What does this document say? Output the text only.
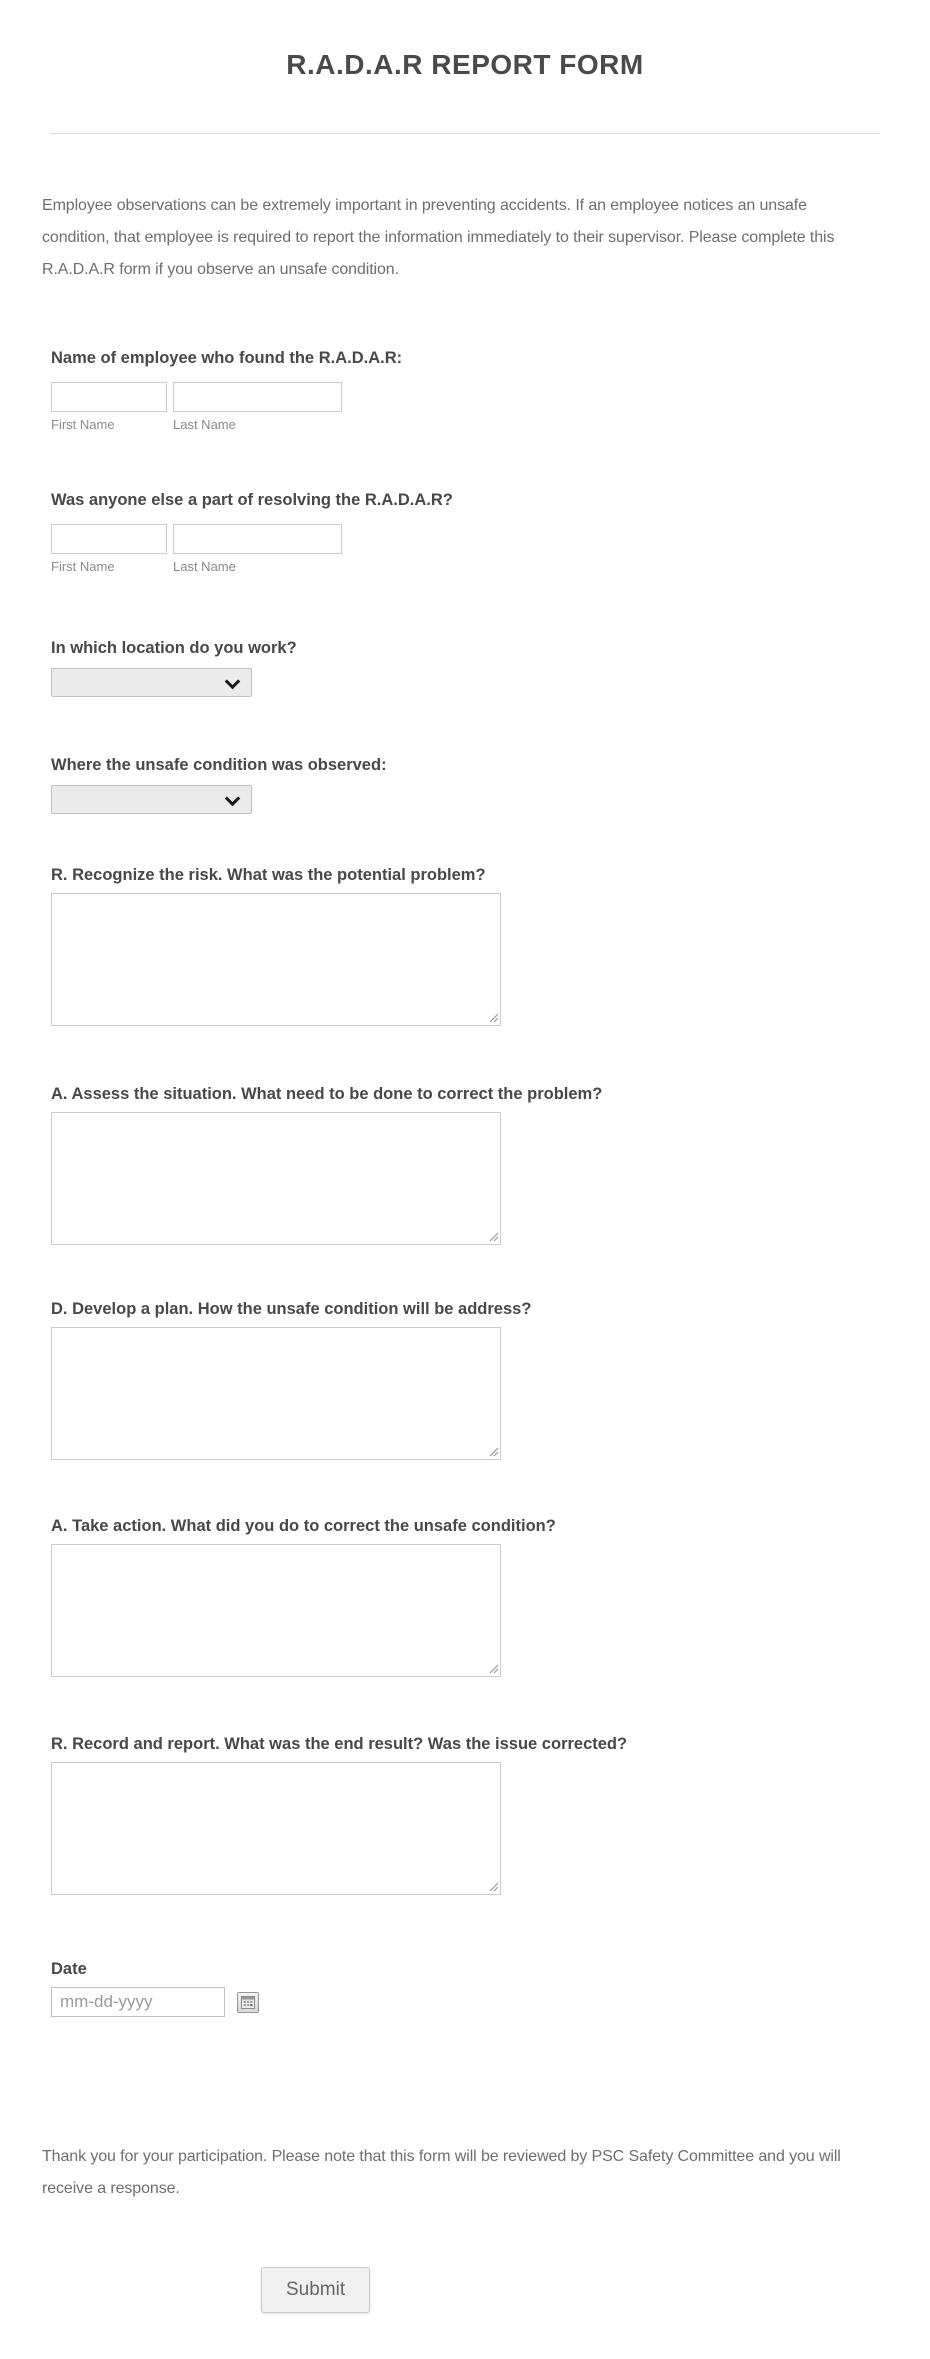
R.A.D.A.R REPORT FORM

Employee observations can be extremely important in preventing accidents. If an employee notices an unsafe condition, that employee is required to report the information immediately to their supervisor. Please complete this R.A.D.A.R form if you observe an unsafe condition.

Name of employee who found the R.A.D.A.R:
First Name
	Last Name
Was anyone else a part of resolving the R.A.D.A.R?
First Name
	Last Name
In which location do you work?
Where the unsafe condition was observed:
R. Recognize the risk. What was the potential problem?
A. Assess the situation. What need to be done to correct the problem?
D. Develop a plan. How the unsafe condition will be address?
A. Take action. What did you do to correct the unsafe condition?
R. Record and report. What was the end result? Was the issue corrected?
Date
mm-dd-yyyy

Thank you for your participation. Please note that this form will be reviewed by PSC Safety Committee and you will receive a response.

Submit
